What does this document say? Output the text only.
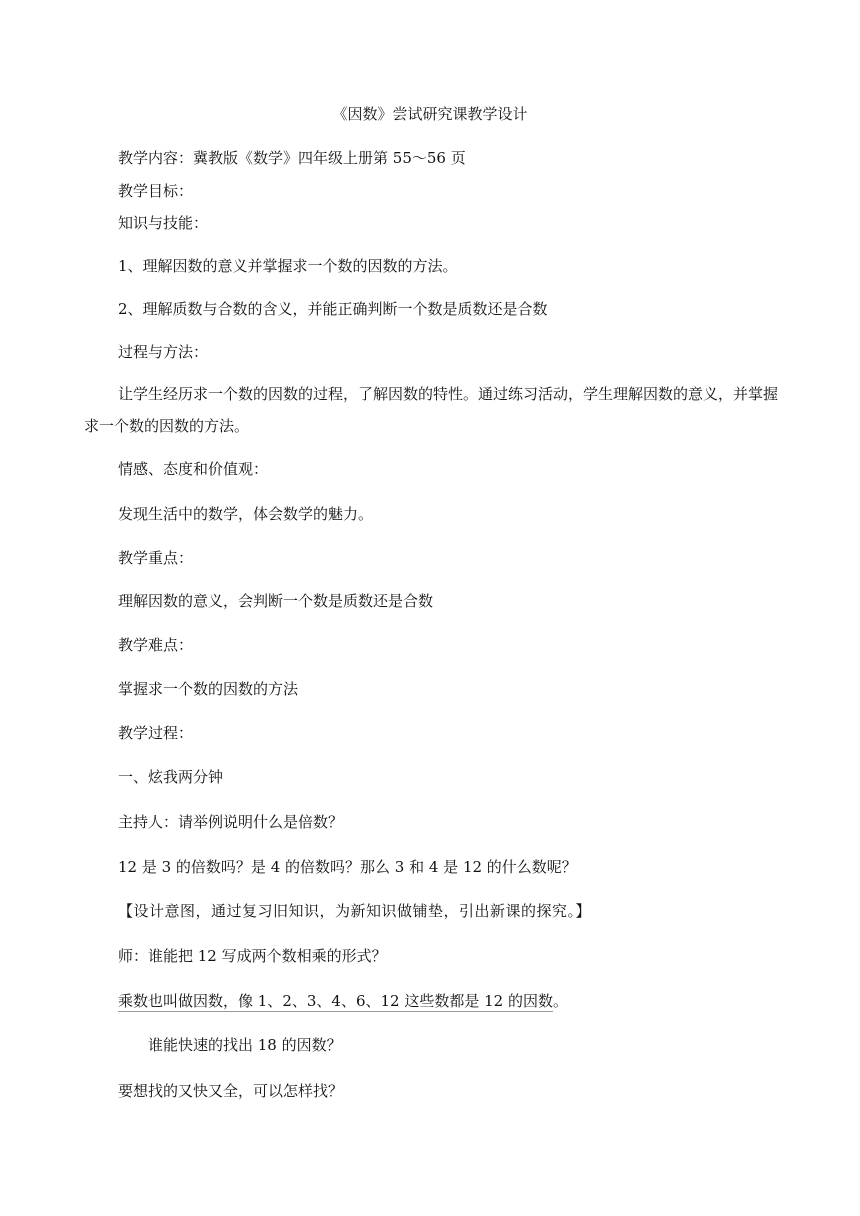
《因数》尝试研究课教学设计
教学内容：冀教版《数学》四年级上册第 55～56 页
教学目标：
知识与技能：
1、理解因数的意义并掌握求一个数的因数的方法。
2、理解质数与合数的含义，并能正确判断一个数是质数还是合数
过程与方法：
让学生经历求一个数的因数的过程，了解因数的特性。通过练习活动，学生理解因数的意义，并掌握求一个数的因数的方法。
情感、态度和价值观：
发现生活中的数学，体会数学的魅力。
教学重点：
理解因数的意义，会判断一个数是质数还是合数
教学难点：
掌握求一个数的因数的方法
教学过程：
一、炫我两分钟
主持人：请举例说明什么是倍数？
12 是 3 的倍数吗？是 4 的倍数吗？那么 3 和 4 是 12 的什么数呢？
【设计意图，通过复习旧知识，为新知识做铺垫，引出新课的探究。】
师：谁能把 12 写成两个数相乘的形式？
乘数也叫做因数，像 1、2、3、4、6、12 这些数都是 12 的因数。
谁能快速的找出 18 的因数？
要想找的又快又全，可以怎样找？
